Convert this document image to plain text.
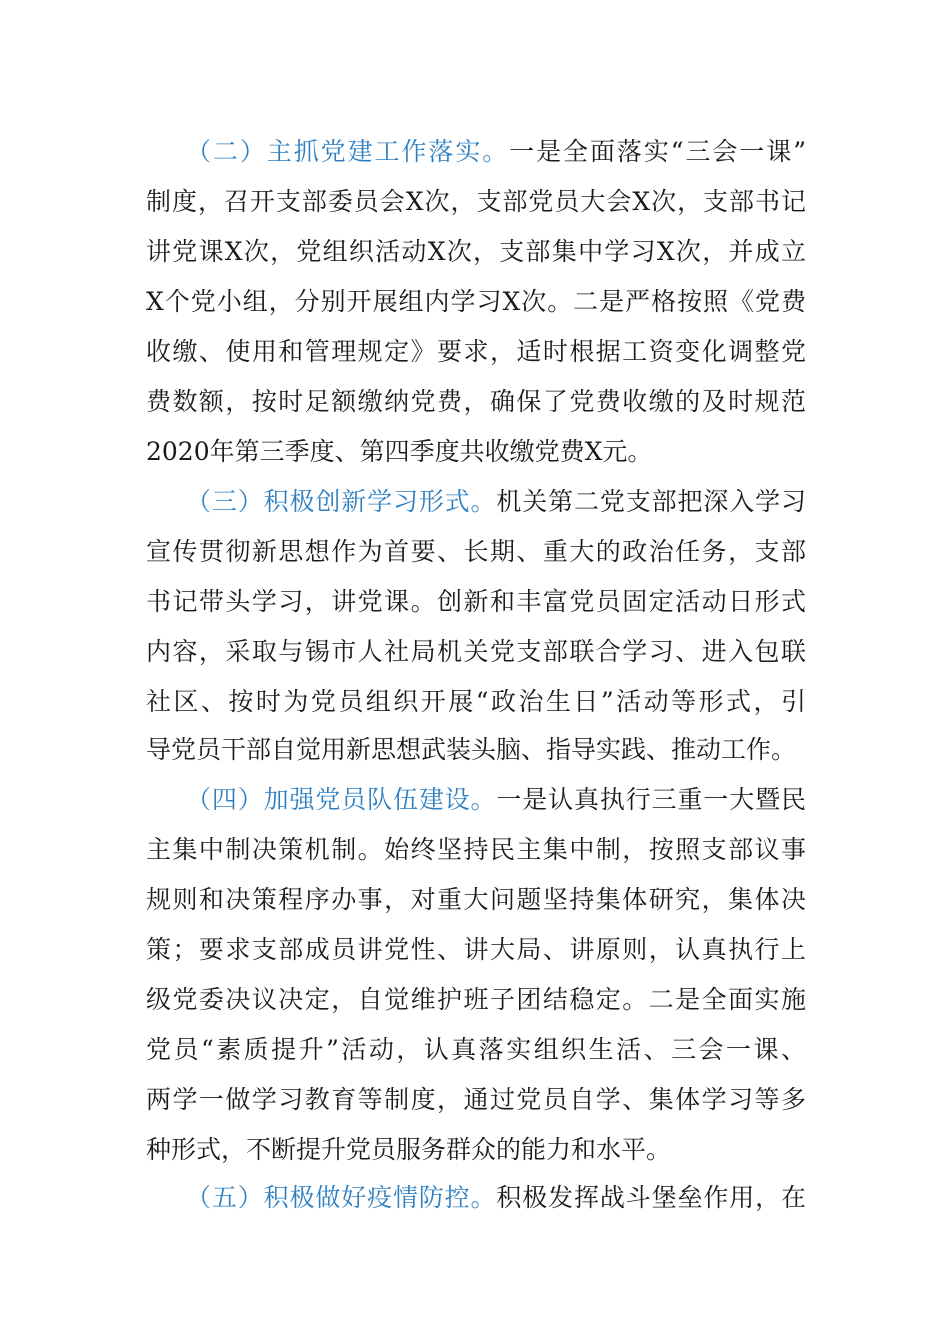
（二）主抓党建工作落实。一是全面落实“三会一课”
制度，召开支部委员会X次，支部党员大会X次，支部书记
讲党课X次，党组织活动X次，支部集中学习X次，并成立
X个党小组，分别开展组内学习X次。二是严格按照《党费
收缴、使用和管理规定》要求，适时根据工资变化调整党
费数额，按时足额缴纳党费，确保了党费收缴的及时规范
2020年第三季度、第四季度共收缴党费X元。
（三）积极创新学习形式。机关第二党支部把深入学习
宣传贯彻新思想作为首要、长期、重大的政治任务，支部
书记带头学习，讲党课。创新和丰富党员固定活动日形式
内容，采取与锡市人社局机关党支部联合学习、进入包联
社区、按时为党员组织开展“政治生日”活动等形式，引
导党员干部自觉用新思想武装头脑、指导实践、推动工作。
（四）加强党员队伍建设。一是认真执行三重一大暨民
主集中制决策机制。始终坚持民主集中制，按照支部议事
规则和决策程序办事，对重大问题坚持集体研究，集体决
策；要求支部成员讲党性、讲大局、讲原则，认真执行上
级党委决议决定，自觉维护班子团结稳定。二是全面实施
党员“素质提升”活动，认真落实组织生活、三会一课、
两学一做学习教育等制度，通过党员自学、集体学习等多
种形式，不断提升党员服务群众的能力和水平。
（五）积极做好疫情防控。积极发挥战斗堡垒作用，在
